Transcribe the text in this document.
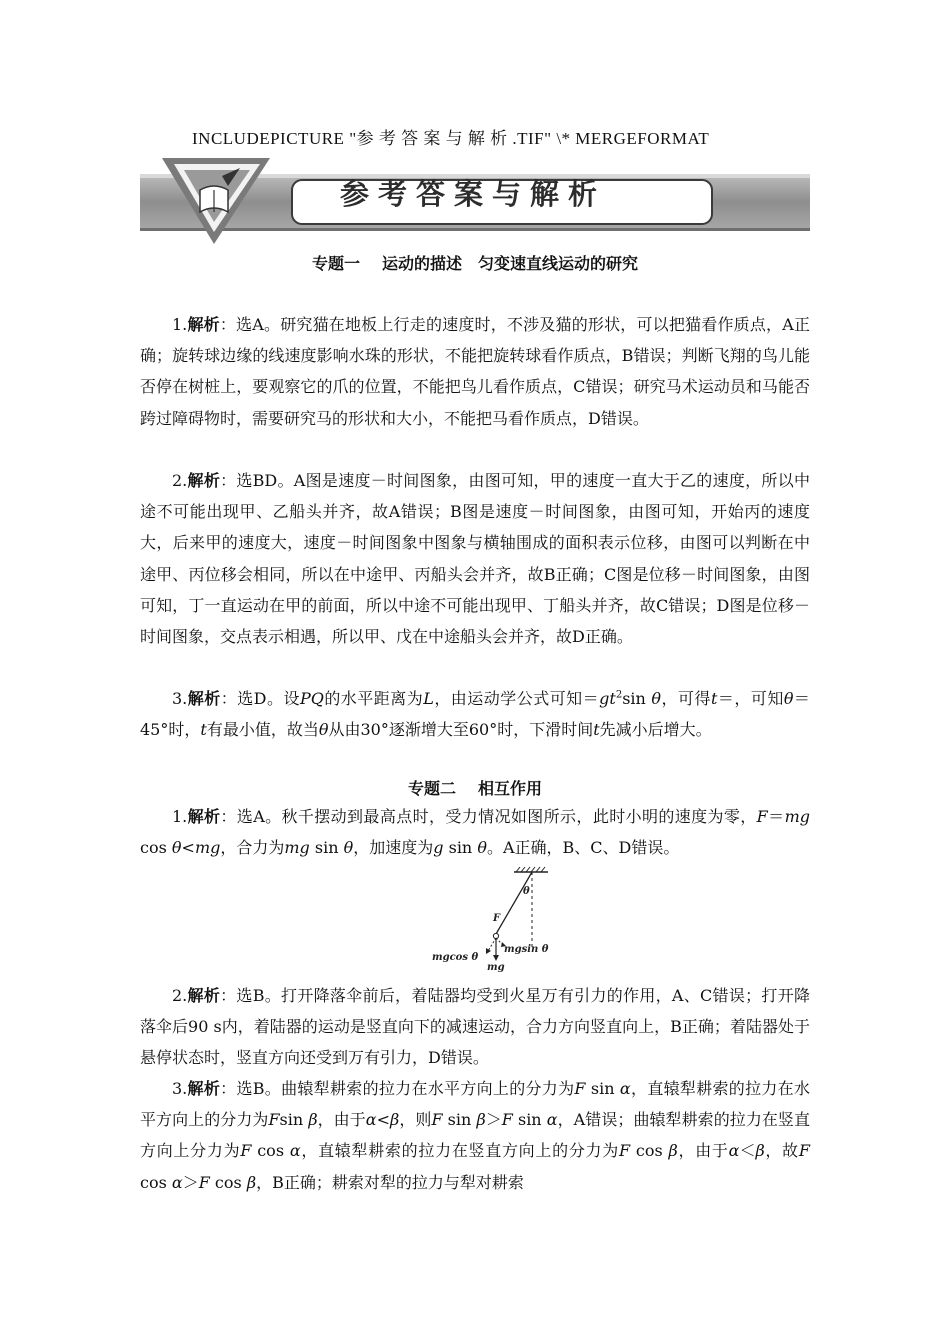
INCLUDEPICTURE "参 考 答 案 与 解 析 .TIF" \* MERGEFORMAT
参考答案与解析
专题一 运动的描述　匀变速直线运动的研究
1.解析：选A。研究猫在地板上行走的速度时，不涉及猫的形状，可以把猫看作质点，A正确；旋转球边缘的线速度影响水珠的形状，不能把旋转球看作质点，B错误；判断飞翔的鸟儿能否停在树桩上，要观察它的爪的位置，不能把鸟儿看作质点，C错误；研究马术运动员和马能否跨过障碍物时，需要研究马的形状和大小，不能把马看作质点，D错误。
2.解析：选BD。A图是速度－时间图象，由图可知，甲的速度一直大于乙的速度，所以中途不可能出现甲、乙船头并齐，故A错误；B图是速度－时间图象，由图可知，开始丙的速度大，后来甲的速度大，速度－时间图象中图象与横轴围成的面积表示位移，由图可以判断在中途甲、丙位移会相同，所以在中途甲、丙船头会并齐，故B正确；C图是位移－时间图象，由图可知，丁一直运动在甲的前面，所以中途不可能出现甲、丁船头并齐，故C错误；D图是位移－时间图象，交点表示相遇，所以甲、戊在中途船头会并齐，故D正确。
3.解析：选D。设PQ的水平距离为L，由运动学公式可知$=gt^2\sin$ θ，可得t＝，可知θ＝45°时，t有最小值，故当θ从由30°逐渐增大至60°时，下滑时间t先减小后增大。
专题二 相互作用
1.解析：选A。秋千摆动到最高点时，受力情况如图所示，此时小明的速度为零，F＝mg cos θ<mg，合力为mg sin θ，加速度为g sin θ。A正确，B、C、D错误。
θ
F
mgsin θ
mgcos θ
mg
2.解析：选B。打开降落伞前后，着陆器均受到火星万有引力的作用，A、C错误；打开降落伞后90 s内，着陆器的运动是竖直向下的减速运动，合力方向竖直向上，B正确；着陆器处于悬停状态时，竖直方向还受到万有引力，D错误。
3.解析：选B。曲辕犁耕索的拉力在水平方向上的分力为F sin α，直辕犁耕索的拉力在水平方向上的分力为Fsin β，由于α<β，则F sin β＞F sin α，A错误；曲辕犁耕索的拉力在竖直方向上分力为F cos α，直辕犁耕索的拉力在竖直方向上的分力为F cos β，由于α＜β，故F cos α＞F cos β，B正确；耕索对犁的拉力与犁对耕索
